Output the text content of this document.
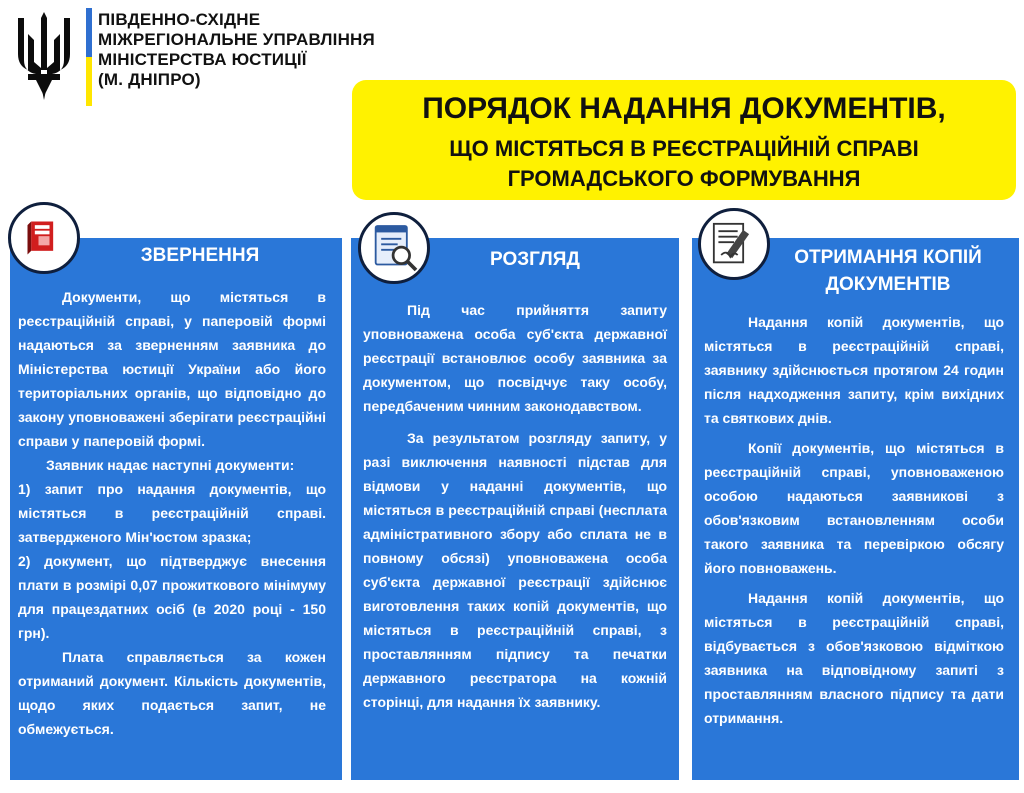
ПІВДЕННО-СХІДНЕ
МІЖРЕГІОНАЛЬНЕ УПРАВЛІННЯ
МІНІСТЕРСТВА ЮСТИЦІЇ
(М. ДНІПРО)
ПОРЯДОК НАДАННЯ ДОКУМЕНТІВ,
ЩО МІСТЯТЬСЯ В РЕЄСТРАЦІЙНІЙ СПРАВІ
ГРОМАДСЬКОГО ФОРМУВАННЯ
ЗВЕРНЕННЯ	РОЗГЛЯД	ОТРИМАННЯ КОПІЙ ДОКУМЕНТІВ

Документи, що містяться в реєстраційній справі, у паперовій формі надаються за зверненням заявника до Міністерства юстиції України або його територіальних органів, що відповідно до закону уповноважені зберігати реєстраційні справи у паперовій формі.

Заявник надає наступні документи:

1) запит про надання документів, що містяться в реєстраційній справі. затвердженого Мін'юстом зразка;

2) документ, що підтверджує внесення плати в розмірі 0,07 прожиткового мінімуму для працездатних осіб (в 2020 році - 150 грн).

Плата справляється за кожен отриманий документ. Кількість документів, щодо яких подається запит, не обмежується.

Під час прийняття запиту уповноважена особа суб'єкта державної реєстрації встановлює особу заявника за документом, що посвідчує таку особу, передбаченим чинним законодавством.

За результатом розгляду запиту, у разі виключення наявності підстав для відмови у наданні документів, що містяться в реєстраційній справі (несплата адміністративного збору або сплата не в повному обсязі) уповноважена особа суб'єкта державної реєстрації здійснює виготовлення таких копій документів, що містяться в реєстраційній справі, з проставлянням підпису та печатки державного реєстратора на кожній сторінці, для надання їх заявнику.

Надання копій документів, що містяться в реєстраційній справі, заявнику здійснюється протягом 24 годин після надходження запиту, крім вихідних та святкових днів.

Копії документів, що містяться в реєстраційній справі, уповноваженою особою надаються заявникові з обов'язковим встановленням особи такого заявника та перевіркою обсягу його повноважень.

Надання копій документів, що містяться в реєстраційній справі, відбувається з обов'язковою відміткою заявника на відповідному запиті з проставлянням власного підпису та дати отримання.
